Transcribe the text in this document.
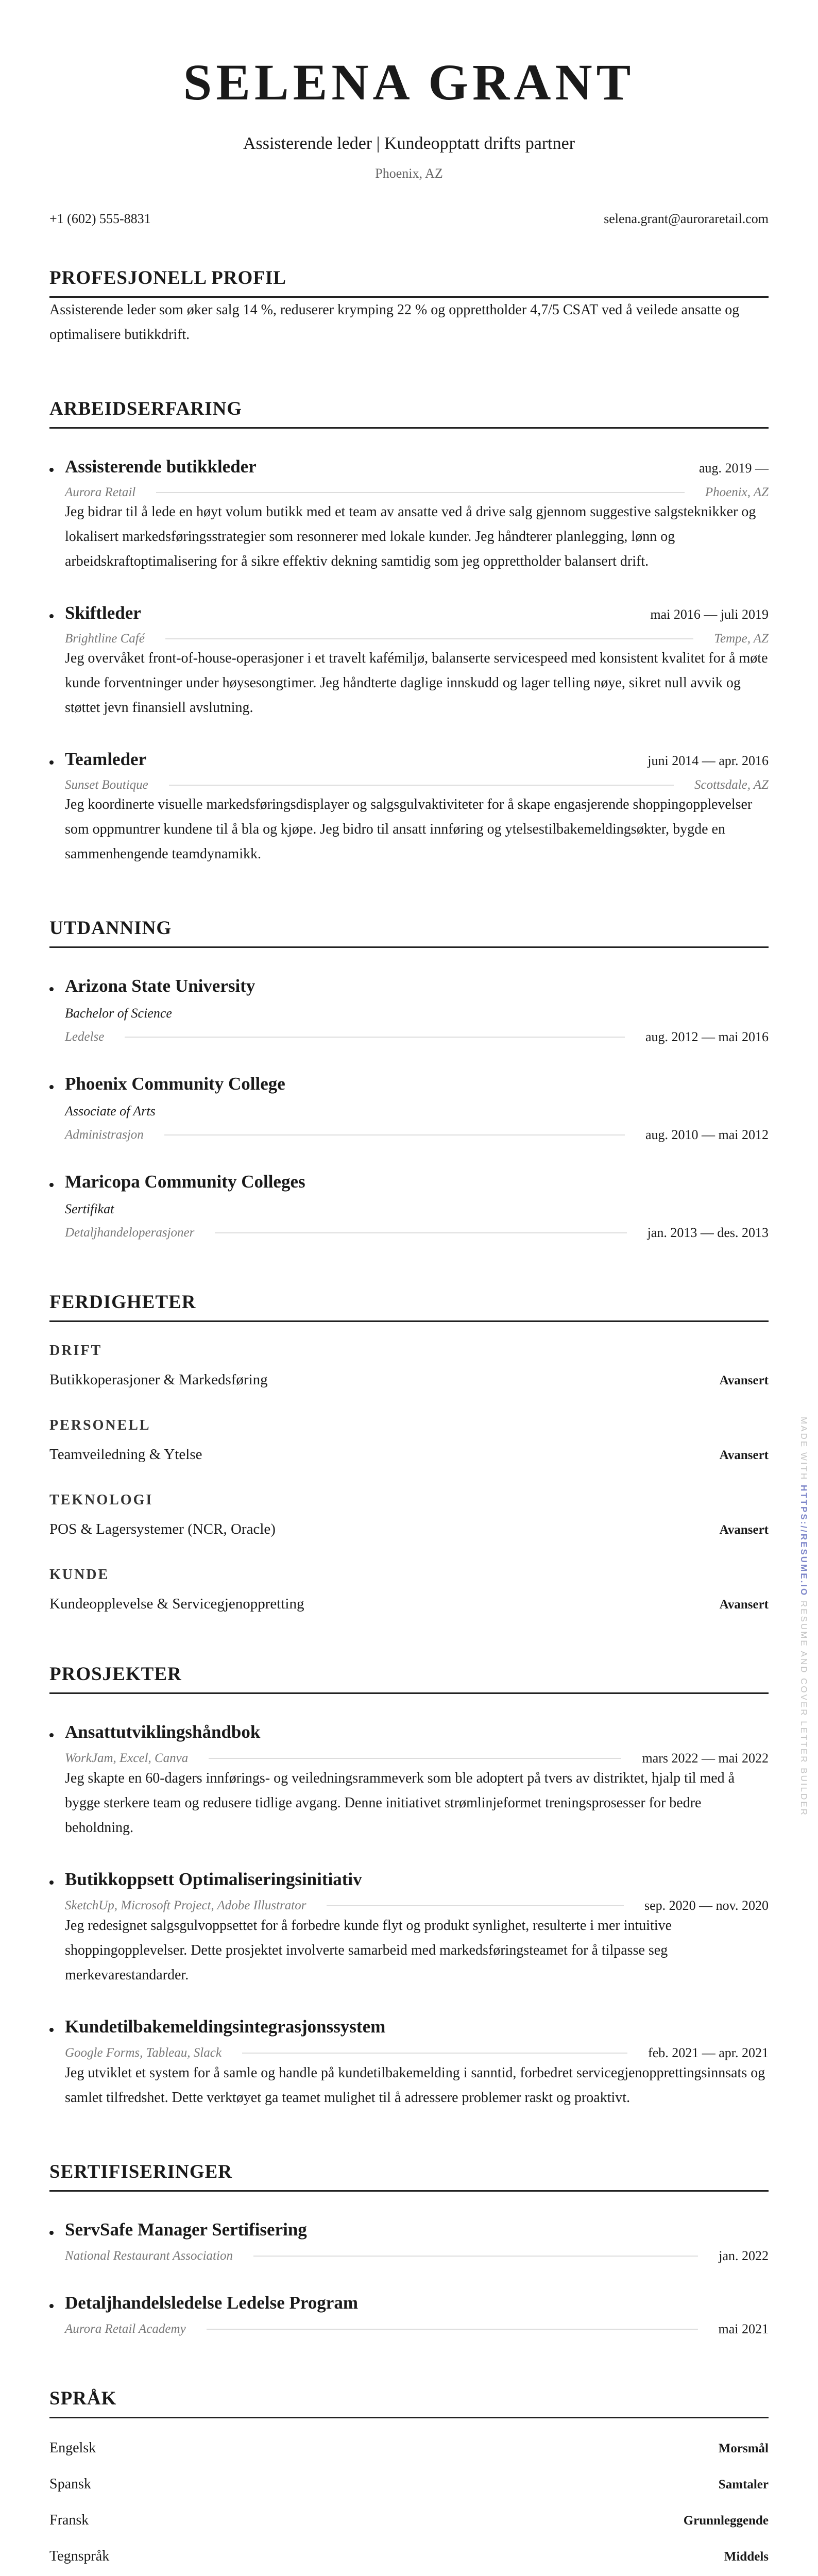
SELENA GRANT
Assisterende leder | Kundeopptatt drifts partner
Phoenix, AZ
+1 (602) 555-8831	selena.grant@auroraretail.com
PROFESJONELL PROFIL

Assisterende leder som øker salg 14 %, reduserer krymping 22 % og opprettholder 4,7/5 CSAT ved å veilede ansatte og optimalisere butikkdrift.

ARBEIDSERFARING
Assisterende butikkleder	aug. 2019 —
Aurora Retail	Phoenix, AZ

Jeg bidrar til å lede en høyt volum butikk med et team av ansatte ved å drive salg gjennom suggestive salgsteknikker og lokalisert markedsføringsstrategier som resonnerer med lokale kunder. Jeg håndterer planlegging, lønn og arbeidskraftoptimalisering for å sikre effektiv dekning samtidig som jeg opprettholder balansert drift.

Skiftleder	mai 2016 — juli 2019
Brightline Café	Tempe, AZ

Jeg overvåket front-of-house-operasjoner i et travelt kafémiljø, balanserte servicespeed med konsistent kvalitet for å møte kunde forventninger under høysesongtimer. Jeg håndterte daglige innskudd og lager telling nøye, sikret null avvik og støttet jevn finansiell avslutning.

Teamleder	juni 2014 — apr. 2016
Sunset Boutique	Scottsdale, AZ

Jeg koordinerte visuelle markedsføringsdisplayer og salgsgulvaktiviteter for å skape engasjerende shoppingopplevelser som oppmuntrer kundene til å bla og kjøpe. Jeg bidro til ansatt innføring og ytelsestilbakemeldingsøkter, bygde en sammenhengende teamdynamikk.

UTDANNING
Arizona State University
Bachelor of Science
Ledelse	aug. 2012 — mai 2016
Phoenix Community College
Associate of Arts
Administrasjon	aug. 2010 — mai 2012
Maricopa Community Colleges
Sertifikat
Detaljhandeloperasjoner	jan. 2013 — des. 2013
FERDIGHETER
DRIFT
Butikkoperasjoner & Markedsføring	Avansert
PERSONELL
Teamveiledning & Ytelse	Avansert
TEKNOLOGI
POS & Lagersystemer (NCR, Oracle)	Avansert
KUNDE
Kundeopplevelse & Servicegjenoppretting	Avansert
PROSJEKTER
Ansattutviklingshåndbok
WorkJam, Excel, Canva	mars 2022 — mai 2022

Jeg skapte en 60-dagers innførings- og veiledningsrammeverk som ble adoptert på tvers av distriktet, hjalp til med å bygge sterkere team og redusere tidlige avgang. Denne initiativet strømlinjeformet treningsprosesser for bedre beholdning.

Butikkoppsett Optimaliseringsinitiativ
SketchUp, Microsoft Project, Adobe Illustrator	sep. 2020 — nov. 2020

Jeg redesignet salgsgulvoppsettet for å forbedre kunde flyt og produkt synlighet, resulterte i mer intuitive shoppingopplevelser. Dette prosjektet involverte samarbeid med markedsføringsteamet for å tilpasse seg merkevarestandarder.

Kundetilbakemeldingsintegrasjonssystem
Google Forms, Tableau, Slack	feb. 2021 — apr. 2021

Jeg utviklet et system for å samle og handle på kundetilbakemelding i sanntid, forbedret servicegjenopprettingsinnsats og samlet tilfredshet. Dette verktøyet ga teamet mulighet til å adressere problemer raskt og proaktivt.

SERTIFISERINGER
ServSafe Manager Sertifisering
National Restaurant Association	jan. 2022
Detaljhandelsledelse Ledelse Program
Aurora Retail Academy	mai 2021
SPRÅK
Engelsk	Morsmål
Spansk	Samtaler
Fransk	Grunnleggende
Tegnspråk	Middels
MADE WITH HTTPS://RESUME.IO RESUME AND COVER LETTER BUILDER
